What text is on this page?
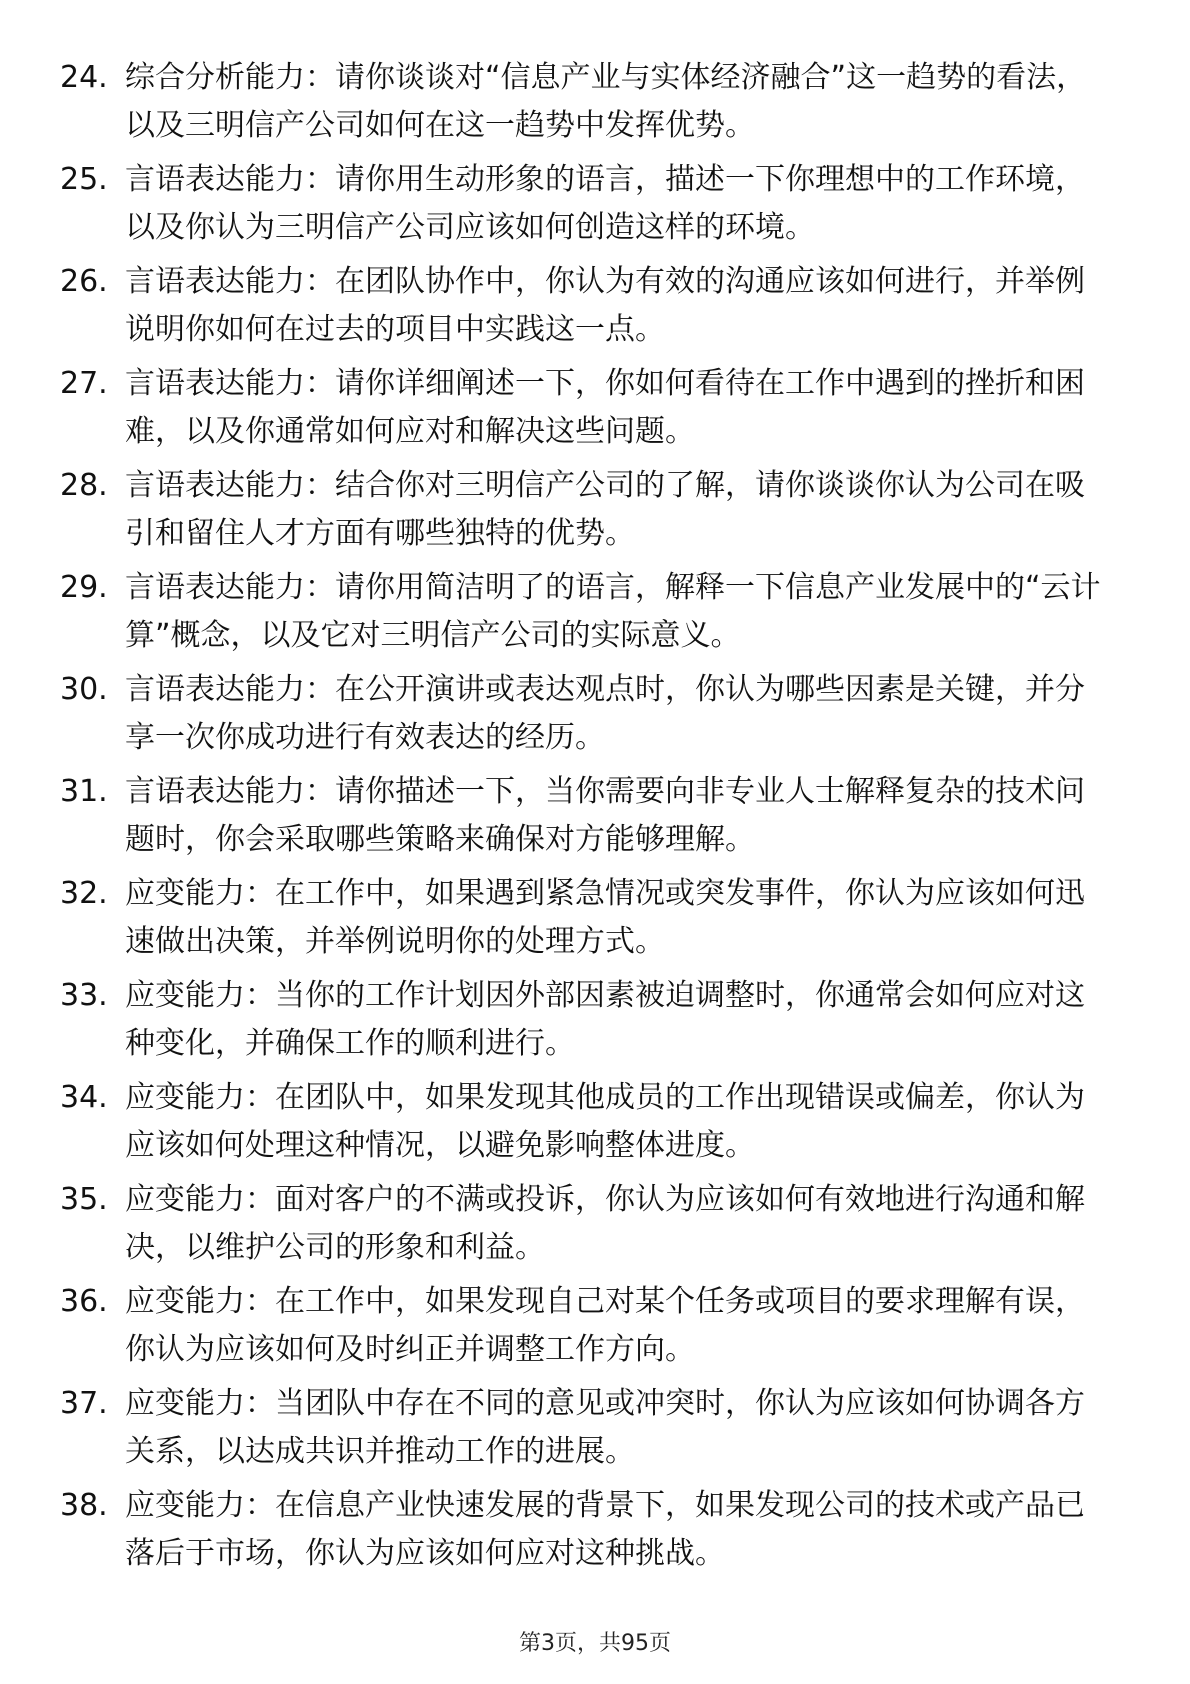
24. 综合分析能力：请你谈谈对“信息产业与实体经济融合”这一趋势的看法，以及三明信产公司如何在这一趋势中发挥优势。
25. 言语表达能力：请你用生动形象的语言，描述一下你理想中的工作环境，以及你认为三明信产公司应该如何创造这样的环境。
26. 言语表达能力：在团队协作中，你认为有效的沟通应该如何进行，并举例说明你如何在过去的项目中实践这一点。
27. 言语表达能力：请你详细阐述一下，你如何看待在工作中遇到的挫折和困难，以及你通常如何应对和解决这些问题。
28. 言语表达能力：结合你对三明信产公司的了解，请你谈谈你认为公司在吸引和留住人才方面有哪些独特的优势。
29. 言语表达能力：请你用简洁明了的语言，解释一下信息产业发展中的“云计算”概念，以及它对三明信产公司的实际意义。
30. 言语表达能力：在公开演讲或表达观点时，你认为哪些因素是关键，并分享一次你成功进行有效表达的经历。
31. 言语表达能力：请你描述一下，当你需要向非专业人士解释复杂的技术问题时，你会采取哪些策略来确保对方能够理解。
32. 应变能力：在工作中，如果遇到紧急情况或突发事件，你认为应该如何迅速做出决策，并举例说明你的处理方式。
33. 应变能力：当你的工作计划因外部因素被迫调整时，你通常会如何应对这种变化，并确保工作的顺利进行。
34. 应变能力：在团队中，如果发现其他成员的工作出现错误或偏差，你认为应该如何处理这种情况，以避免影响整体进度。
35. 应变能力：面对客户的不满或投诉，你认为应该如何有效地进行沟通和解决，以维护公司的形象和利益。
36. 应变能力：在工作中，如果发现自己对某个任务或项目的要求理解有误，你认为应该如何及时纠正并调整工作方向。
37. 应变能力：当团队中存在不同的意见或冲突时，你认为应该如何协调各方关系，以达成共识并推动工作的进展。
38. 应变能力：在信息产业快速发展的背景下，如果发现公司的技术或产品已落后于市场，你认为应该如何应对这种挑战。
第3页，共95页
